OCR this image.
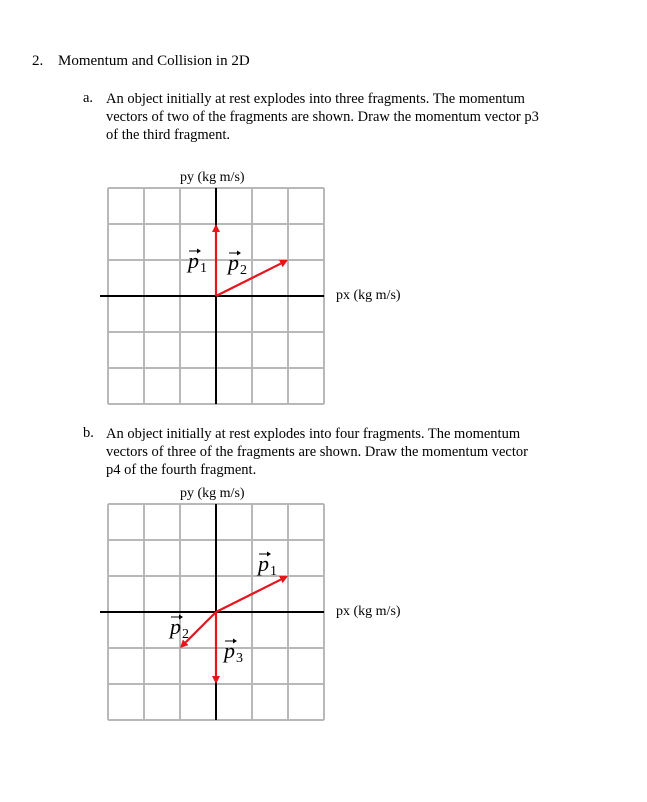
2. Momentum and Collision in 2D
a. An object initially at rest explodes into three fragments. The momentum
vectors of two of the fragments are shown. Draw the momentum vector p3
of the third fragment.
py (kg m/s)
px (kg m/s)
p 1 p 2
b. An object initially at rest explodes into four fragments. The momentum
vectors of three of the fragments are shown. Draw the momentum vector
p4 of the fourth fragment.
py (kg m/s)
px (kg m/s)
p 1
p 2
p 3
